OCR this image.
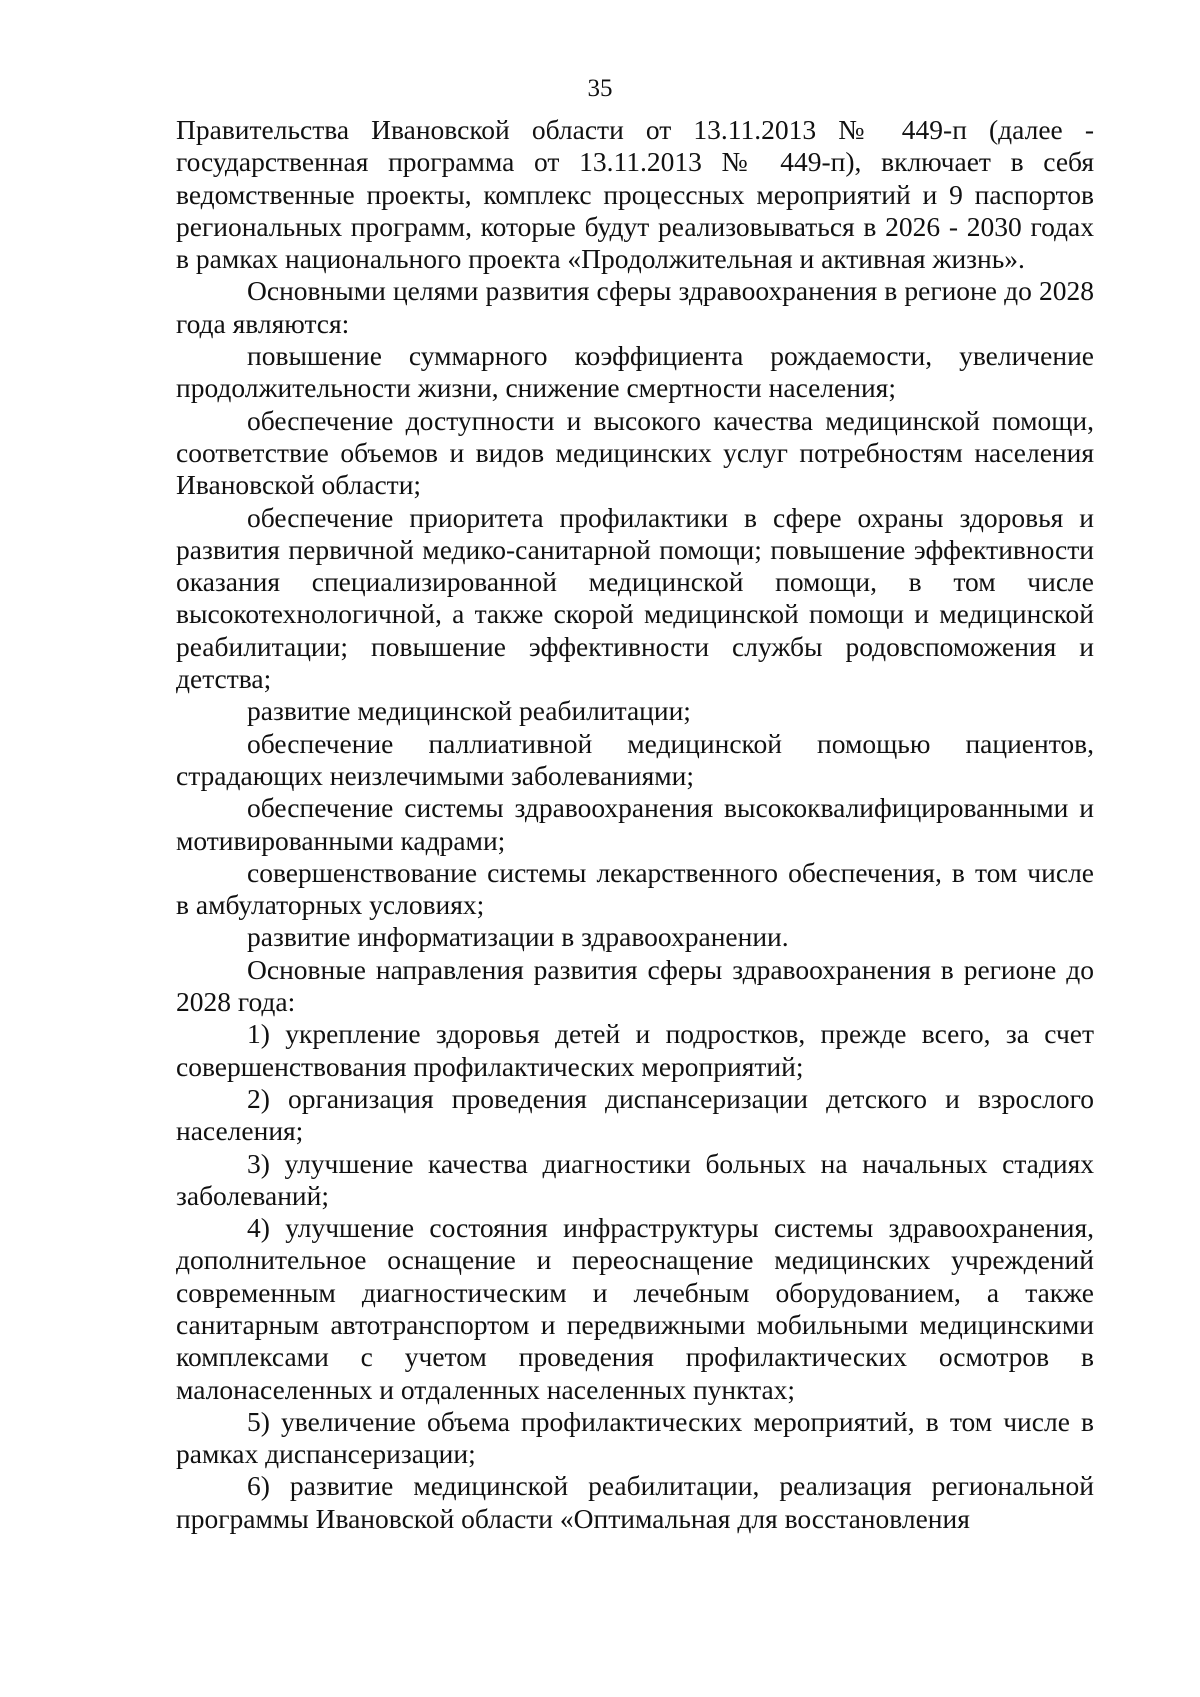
35

Правительства Ивановской области от 13.11.2013 № 449-п (далее - государственная программа от 13.11.2013 № 449-п), включает в себя ведомственные проекты, комплекс процессных мероприятий и 9 паспортов региональных программ, которые будут реализовываться в 2026 - 2030 годах в рамках национального проекта «Продолжительная и активная жизнь».

Основными целями развития сферы здравоохранения в регионе до 2028 года являются:

повышение суммарного коэффициента рождаемости, увеличение продолжительности жизни, снижение смертности населения;

обеспечение доступности и высокого качества медицинской помощи, соответствие объемов и видов медицинских услуг потребностям населения Ивановской области;

обеспечение приоритета профилактики в сфере охраны здоровья и развития первичной медико-санитарной помощи; повышение эффективности оказания специализированной медицинской помощи, в том числе высокотехнологичной, а также скорой медицинской помощи и медицинской реабилитации; повышение эффективности службы родовспоможения и детства;

развитие медицинской реабилитации;

обеспечение паллиативной медицинской помощью пациентов, страдающих неизлечимыми заболеваниями;

обеспечение системы здравоохранения высококвалифицированными и мотивированными кадрами;

совершенствование системы лекарственного обеспечения, в том числе в амбулаторных условиях;

развитие информатизации в здравоохранении.

Основные направления развития сферы здравоохранения в регионе до 2028 года:

1) укрепление здоровья детей и подростков, прежде всего, за счет совершенствования профилактических мероприятий;

2) организация проведения диспансеризации детского и взрослого населения;

3) улучшение качества диагностики больных на начальных стадиях заболеваний;

4) улучшение состояния инфраструктуры системы здравоохранения, дополнительное оснащение и переоснащение медицинских учреждений современным диагностическим и лечебным оборудованием, а также санитарным автотранспортом и передвижными мобильными медицинскими комплексами с учетом проведения профилактических осмотров в малонаселенных и отдаленных населенных пунктах;

5) увеличение объема профилактических мероприятий, в том числе в рамках диспансеризации;

6) развитие медицинской реабилитации, реализация региональной программы Ивановской области «Оптимальная для восстановления
